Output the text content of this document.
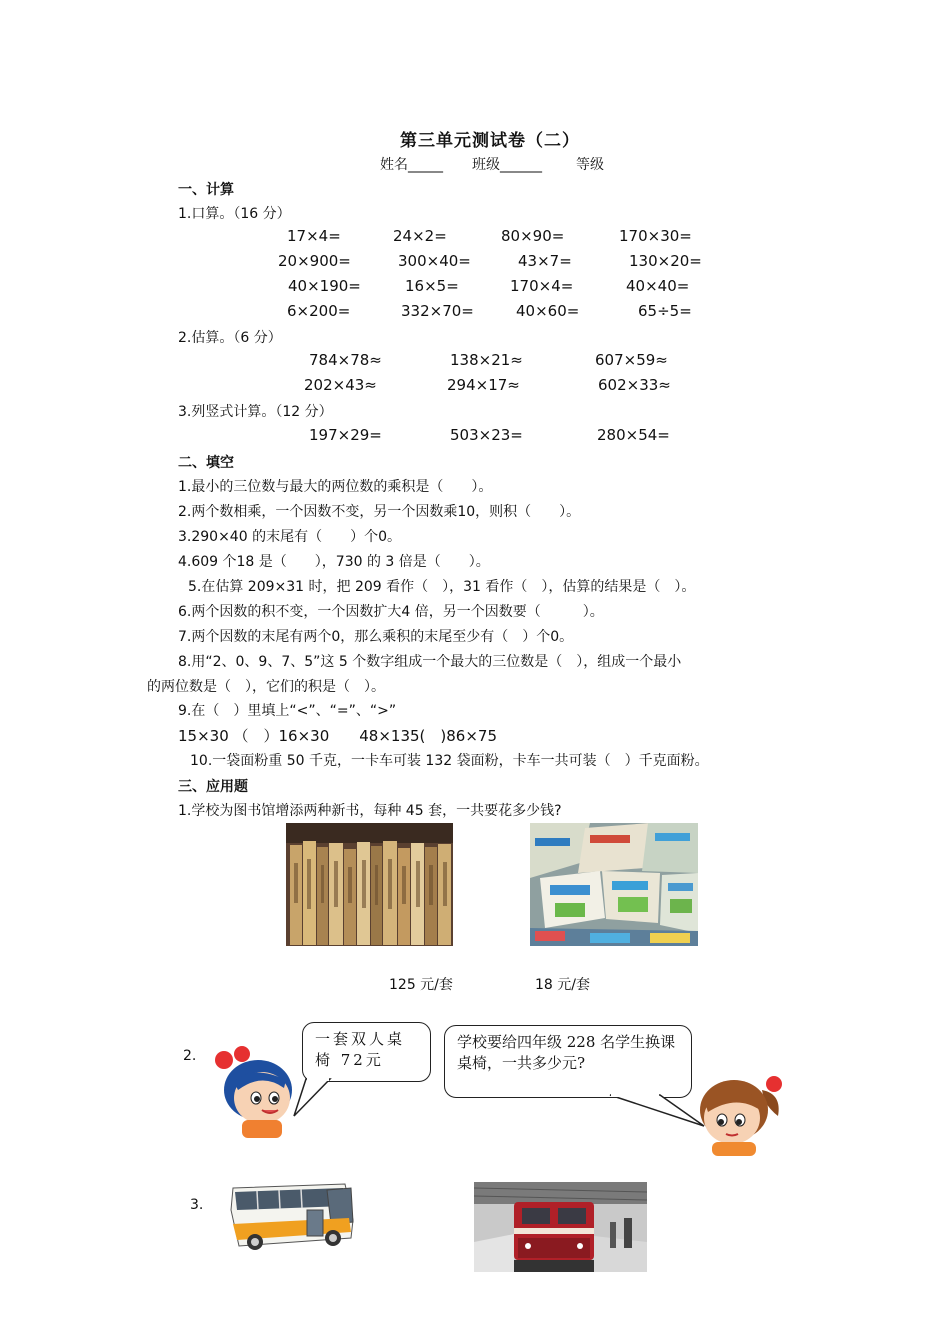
第三单元测试卷（二）
姓名_____ 班级______ 等级
一、计算
1.口算。（16 分）
17×4=	24×2=	80×90=	170×30=
20×900=	300×40=	43×7=	130×20=
40×190=	16×5=	170×4=	40×40=
6×200=	332×70=	40×60=	65÷5=
2.估算。（6 分）
784×78≈	138×21≈	607×59≈
202×43≈	294×17≈	602×33≈
3.列竖式计算。（12 分）
197×29=	503×23=	280×54=
二、填空
1.最小的三位数与最大的两位数的乘积是（　　）。
2.两个数相乘，一个因数不变，另一个因数乘10，则积（　　）。
3.290×40 的末尾有（　　）个0。
4.609 个18 是（　　），730 的 3 倍是（　　）。
5.在估算 209×31 时，把 209 看作（　），31 看作（　），估算的结果是（　）。
6.两个因数的积不变，一个因数扩大4 倍，另一个因数要（　　　）。
7.两个因数的末尾有两个0，那么乘积的末尾至少有（　）个0。
8.用“2、0、9、7、5”这 5 个数字组成一个最大的三位数是（　），组成一个最小
的两位数是（　），它们的积是（　）。
9.在（　）里填上“<”、“=”、“>”
15×30 （　）16×30　　48×135(　)86×75
10.一袋面粉重 50 千克，一卡车可装 132 袋面粉，卡车一共可装（　）千克面粉。
三、应用题
1.学校为图书馆增添两种新书，每种 45 套，一共要花多少钱?
125 元/套	18 元/套
2.
一套双人桌椅 72元
学校要给四年级 228 名学生换课桌椅，一共多少元?
3.
